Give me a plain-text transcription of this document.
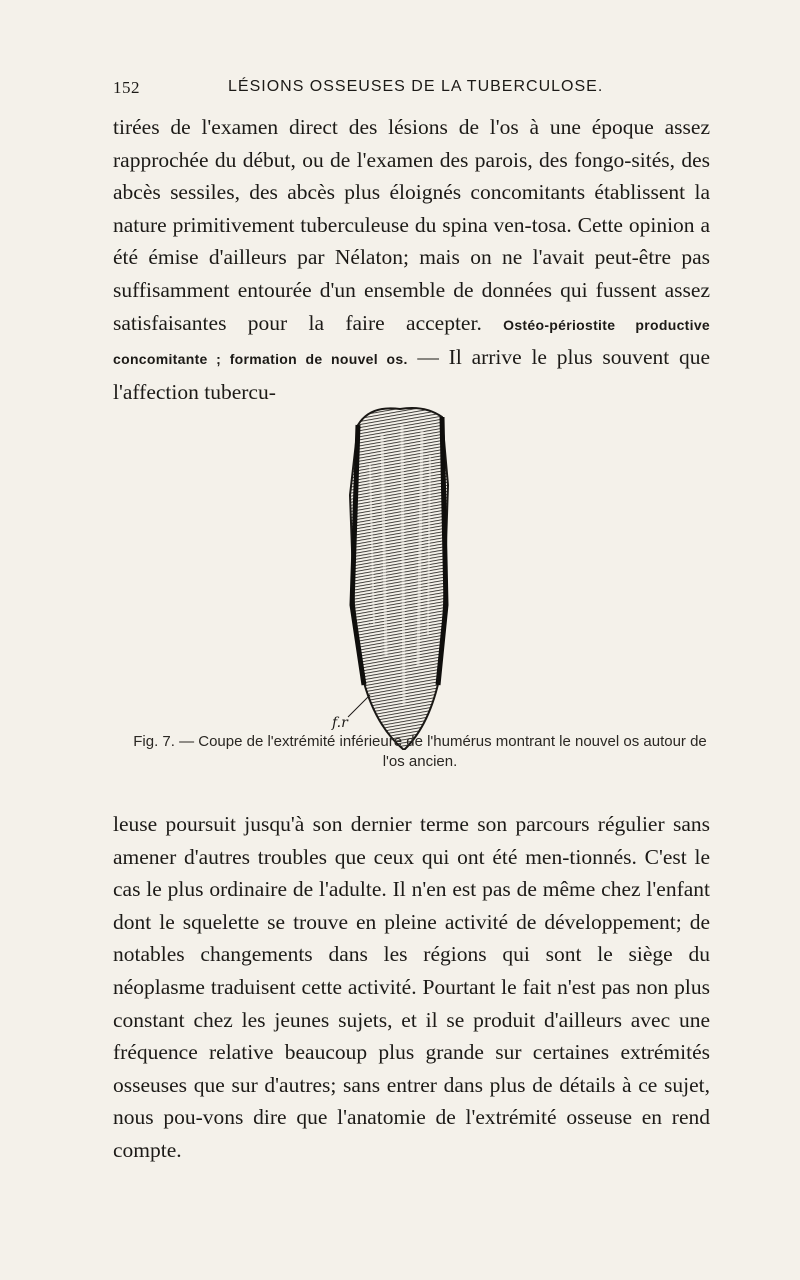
152	LÉSIONS OSSEUSES DE LA TUBERCULOSE.

tirées de l'examen direct des lésions de l'os à une époque assez rapprochée du début, ou de l'examen des parois, des fongo-sités, des abcès sessiles, des abcès plus éloignés concomitants établissent la nature primitivement tuberculeuse du spina ven-tosa. Cette opinion a été émise d'ailleurs par Nélaton; mais on ne l'avait peut-être pas suffisamment entourée d'un ensemble de données qui fussent assez satisfaisantes pour la faire accepter. Ostéo-périostite productive concomitante ; formation de nouvel os. — Il arrive le plus souvent que l'affection tubercu-

f.r
Fig. 7. — Coupe de l'extrémité inférieure de l'humérus montrant le nouvel os autour de l'os ancien.

leuse poursuit jusqu'à son dernier terme son parcours régulier sans amener d'autres troubles que ceux qui ont été men-tionnés. C'est le cas le plus ordinaire de l'adulte. Il n'en est pas de même chez l'enfant dont le squelette se trouve en pleine activité de développement; de notables changements dans les régions qui sont le siège du néoplasme traduisent cette activité. Pourtant le fait n'est pas non plus constant chez les jeunes sujets, et il se produit d'ailleurs avec une fréquence relative beaucoup plus grande sur certaines extrémités osseuses que sur d'autres; sans entrer dans plus de détails à ce sujet, nous pou-vons dire que l'anatomie de l'extrémité osseuse en rend compte.
